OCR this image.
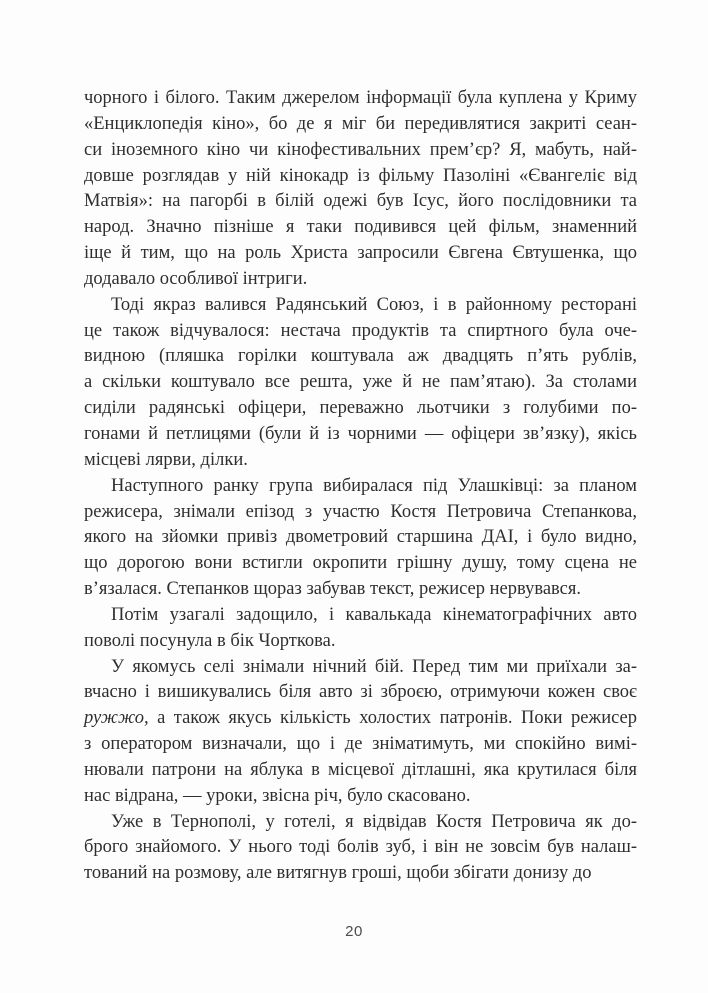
чорного і білого. Таким джерелом інформації була куплена у Криму
«Енциклопедія кіно», бо де я міг би передивлятися закриті сеан-
си іноземного кіно чи кінофестивальних прем’єр? Я, мабуть, най-
довше розглядав у ній кінокадр із фільму Пазоліні «Євангеліє від
Матвія»: на пагорбі в білій одежі був Ісус, його послідовники та
народ. Значно пізніше я таки подивився цей фільм, знаменний
іще й тим, що на роль Христа запросили Євгена Євтушенка, що
додавало особливої інтриги.
Тоді якраз валився Радянський Союз, і в районному ресторані
це також відчувалося: нестача продуктів та спиртного була оче-
видною (пляшка горілки коштувала аж двадцять п’ять рублів,
а скільки коштувало все решта, уже й не пам’ятаю). За столами
сиділи радянські офіцери, переважно льотчики з голубими по-
гонами й петлицями (були й із чорними — офіцери зв’язку), якісь
місцеві лярви, ділки.
Наступного ранку група вибиралася під Улашківці: за планом
режисера, знімали епізод з участю Костя Петровича Степанкова,
якого на зйомки привіз двометровий старшина ДАІ, і було видно,
що дорогою вони встигли окропити грішну душу, тому сцена не
в’язалася. Степанков щораз забував текст, режисер нервувався.
Потім узагалі задощило, і кавалькада кінематографічних авто
поволі посунула в бік Чорткова.
У якомусь селі знімали нічний бій. Перед тим ми приїхали за-
вчасно і вишикувались біля авто зі зброєю, отримуючи кожен своє
ружжо, а також якусь кількість холостих патронів. Поки режисер
з оператором визначали, що і де зніматимуть, ми спокійно вимі-
нювали патрони на яблука в місцевої дітлашні, яка крутилася біля
нас відрана, — уроки, звісна річ, було скасовано.
Уже в Тернополі, у готелі, я відвідав Костя Петровича як до-
брого знайомого. У нього тоді болів зуб, і він не зовсім був налаш-
тований на розмову, але витягнув гроші, щоби збігати донизу до
20
